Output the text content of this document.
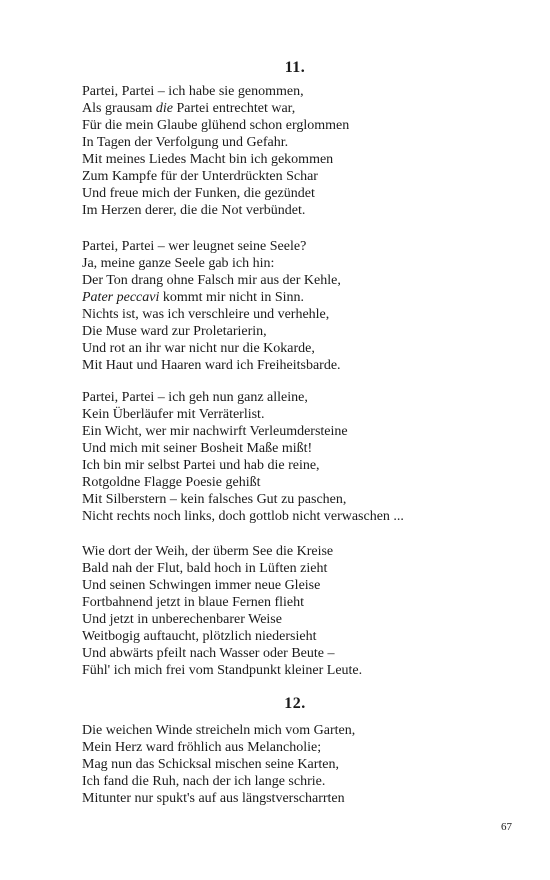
11.

Partei, Partei – ich habe sie genommen,
Als grausam die Partei entrechtet war,
Für die mein Glaube glühend schon erglommen
In Tagen der Verfolgung und Gefahr.
Mit meines Liedes Macht bin ich gekommen
Zum Kampfe für der Unterdrückten Schar
Und freue mich der Funken, die gezündet
Im Herzen derer, die die Not verbündet.

Partei, Partei – wer leugnet seine Seele?
Ja, meine ganze Seele gab ich hin:
Der Ton drang ohne Falsch mir aus der Kehle,
Pater peccavi kommt mir nicht in Sinn.
Nichts ist, was ich verschleire und verhehle,
Die Muse ward zur Proletarierin,
Und rot an ihr war nicht nur die Kokarde,
Mit Haut und Haaren ward ich Freiheitsbarde.

Partei, Partei – ich geh nun ganz alleine,
Kein Überläufer mit Verräterlist.
Ein Wicht, wer mir nachwirft Verleumdersteine
Und mich mit seiner Bosheit Maße mißt!
Ich bin mir selbst Partei und hab die reine,
Rotgoldne Flagge Poesie gehißt
Mit Silberstern – kein falsches Gut zu paschen,
Nicht rechts noch links, doch gottlob nicht verwaschen ...

Wie dort der Weih, der überm See die Kreise
Bald nah der Flut, bald hoch in Lüften zieht
Und seinen Schwingen immer neue Gleise
Fortbahnend jetzt in blaue Fernen flieht
Und jetzt in unberechenbarer Weise
Weitbogig auftaucht, plötzlich niedersieht
Und abwärts pfeilt nach Wasser oder Beute –
Fühl' ich mich frei vom Standpunkt kleiner Leute.

12.

Die weichen Winde streicheln mich vom Garten,
Mein Herz ward fröhlich aus Melancholie;
Mag nun das Schicksal mischen seine Karten,
Ich fand die Ruh, nach der ich lange schrie.
Mitunter nur spukt's auf aus längstverscharrten

67
